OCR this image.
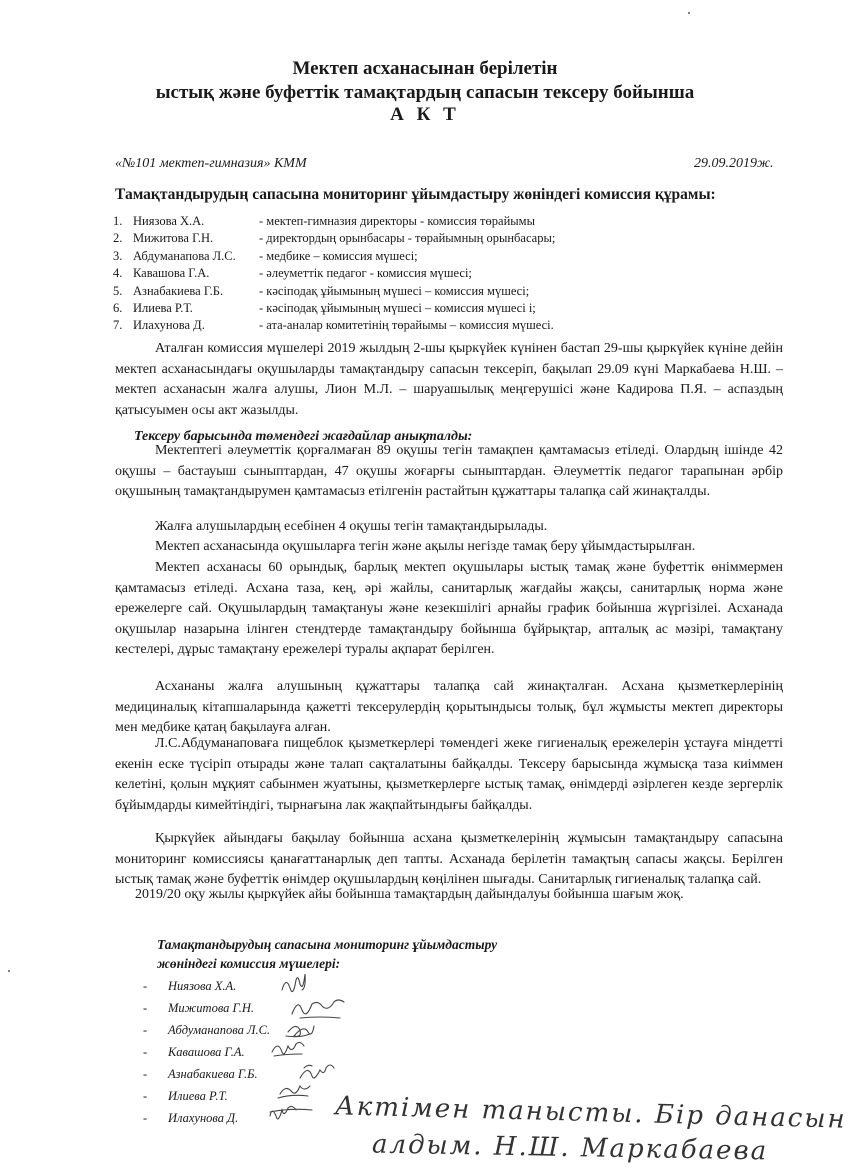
Мектеп асханасынан берілетін
ыстық және буфеттік тамақтардың сапасын тексеру бойынша
А К Т
«№101 мектеп-гимназия» КММ	29.09.2019ж.
Тамақтандырудың сапасына мониторинг ұйымдастыру жөніндегі комиссия құрамы:
1. Ниязова Х.А.	- мектеп-гимназия директоры - комиссия төрайымы
2. Мижитова Г.Н.	- директордың орынбасары - төрайымның орынбасары;
3. Абдуманапова Л.С. - медбике – комиссия мүшесі;
4. Кавашова Г.А.	- әлеуметтік педагог - комиссия мүшесі;
5. Азнабакиева Г.Б.	- кәсіподақ ұйымының мүшесі – комиссия мүшесі;
6. Илиева Р.Т.	- кәсіподақ ұйымының мүшесі – комиссия мүшесі і;
7. Илахунова Д.	- ата-аналар комитетінің төрайымы – комиссия мүшесі.

Аталған комиссия мүшелері 2019 жылдың 2-шы қыркүйек күнінен бастап 29-шы қыркүйек күніне дейін мектеп асханасындағы оқушыларды тамақтандыру сапасын тексеріп, бақылап 29.09 күні Маркабаева Н.Ш. – мектеп асханасын жалға алушы, Лион М.Л. – шаруашылық меңгерушісі және Кадирова П.Я. – аспаздың қатысуымен осы акт жазылды.

Тексеру барысында төмендегі жағдайлар анықталды:

Мектептегі әлеуметтік қорғалмаған 89 оқушы тегін тамақпен қамтамасыз етіледі. Олардың ішінде 42 оқушы – бастауыш сыныптардан, 47 оқушы жоғарғы сыныптардан. Әлеуметтік педагог тарапынан әрбір оқушының тамақтандырумен қамтамасыз етілгенін растайтын құжаттары талапқа сай жинақталды.

Жалға алушылардың есебінен 4 оқушы тегін тамақтандырылады.

Мектеп асханасында оқушыларға тегін және ақылы негізде тамақ беру ұйымдастырылған.

Мектеп асханасы 60 орындық, барлық мектеп оқушылары ыстық тамақ және буфеттік өніммермен қамтамасыз етіледі. Асхана таза, кең, әрі жайлы, санитарлық жағдайы жақсы, санитарлық норма және ережелерге сай. Оқушылардың тамақтануы және кезекшілігі арнайы график бойынша жүргізілеі. Асханада оқушылар назарына ілінген стендтерде тамақтандыру бойынша бұйрықтар, апталық ас мәзірі, тамақтану кестелері, дұрыс тамақтану ережелері туралы ақпарат берілген.

Асхананы жалға алушының құжаттары талапқа сай жинақталған. Асхана қызметкерлерінің медициналық кітапшаларында қажетті тексерулердің қорытындысы толық, бұл жұмысты мектеп директоры мен медбике қатаң бақылауға алған.

Л.С.Абдуманаповаға пищеблок қызметкерлері төмендегі жеке гигиеналық ережелерін ұстауға міндетті екенін еске түсіріп отырады және талап сақталатыны байқалды. Тексеру барысында жұмысқа таза киіммен келетіні, қолын мұқият сабынмен жуатыны, қызметкерлерге ыстық тамақ, өнімдерді әзірлеген кезде зергерлік бұйымдарды кимейтіндігі, тырнағына лак жақпайтындығы байқалды.

Қыркүйек айындағы бақылау бойынша асхана қызметкелерінің жұмысын тамақтандыру сапасына мониторинг комиссиясы қанағаттанарлық деп тапты. Асханада берілетін тамақтың сапасы жақсы. Берілген ыстық тамақ және буфеттік өнімдер оқушылардың көңілінен шығады. Санитарлық гигиеналық талапқа сай.

2019/20 оқу жылы қыркүйек айы бойынша тамақтардың дайындалуы бойынша шағым жоқ.

Тамақтандырудың сапасына мониторинг ұйымдастыру
жөніндегі комиссия мүшелері:
- Ниязова Х.А.
- Мижитова Г.Н.
- Абдуманапова Л.С.
- Кавашова Г.А.
- Азнабакиева Г.Б.
- Илиева Р.Т.
- Илахунова Д.	Актімен танысты. Бір данасын
алдым. Н.Ш. Маркабаева
